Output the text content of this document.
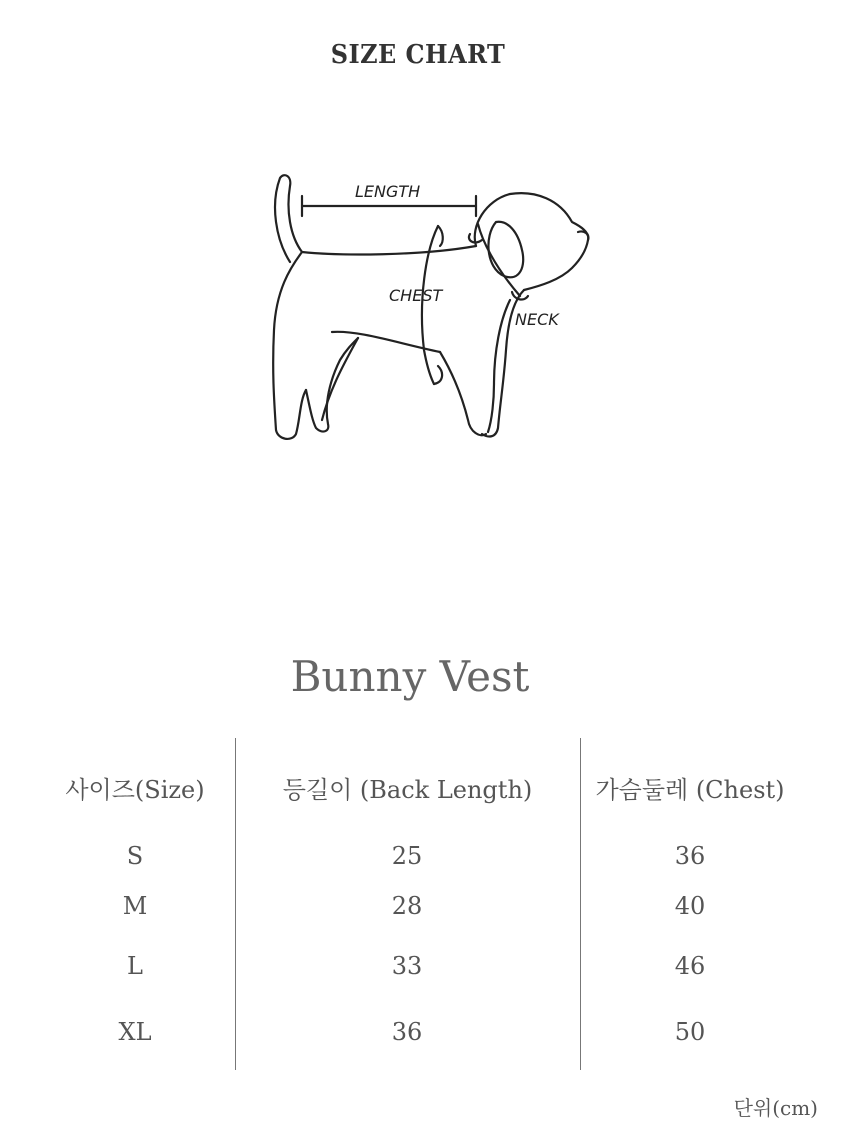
SIZE CHART
LENGTH
CHEST
NECK
Bunny Vest
사이즈(Size)	등길이 (Back Length)	가슴둘레 (Chest)
S	25	36
M	28	40
L	33	46
XL	36	50
단위(cm)
